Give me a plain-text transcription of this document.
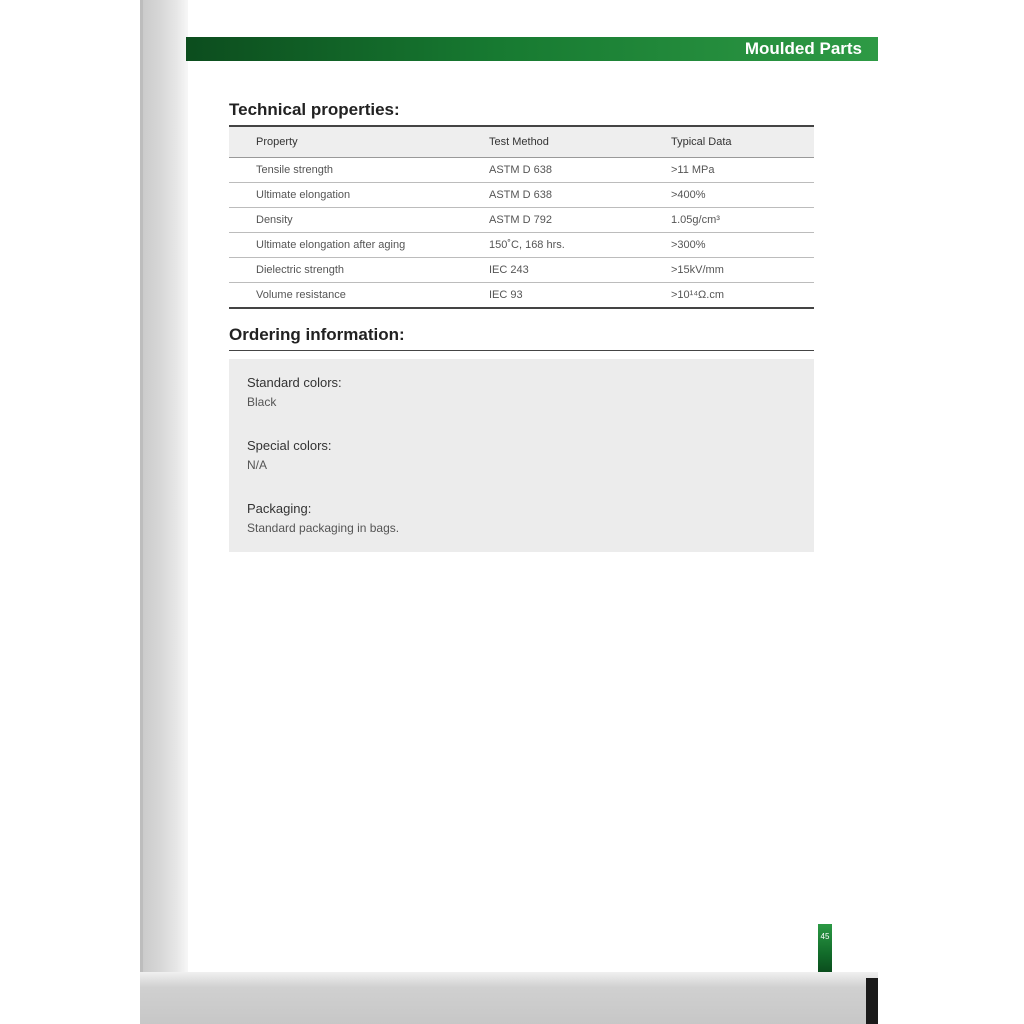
Moulded Parts
Technical properties:
Property	Test Method	Typical Data
Tensile strength	ASTM D 638	>11 MPa
Ultimate elongation	ASTM D 638	>400%
Density	ASTM D 792	1.05g/cm³
Ultimate elongation after aging	150˚C, 168 hrs.	>300%
Dielectric strength	IEC 243	>15kV/mm
Volume resistance	IEC 93	>10¹⁴Ω.cm
Ordering information:
Standard colors:
Black
Special colors:
N/A
Packaging:
Standard packaging in bags.
45
